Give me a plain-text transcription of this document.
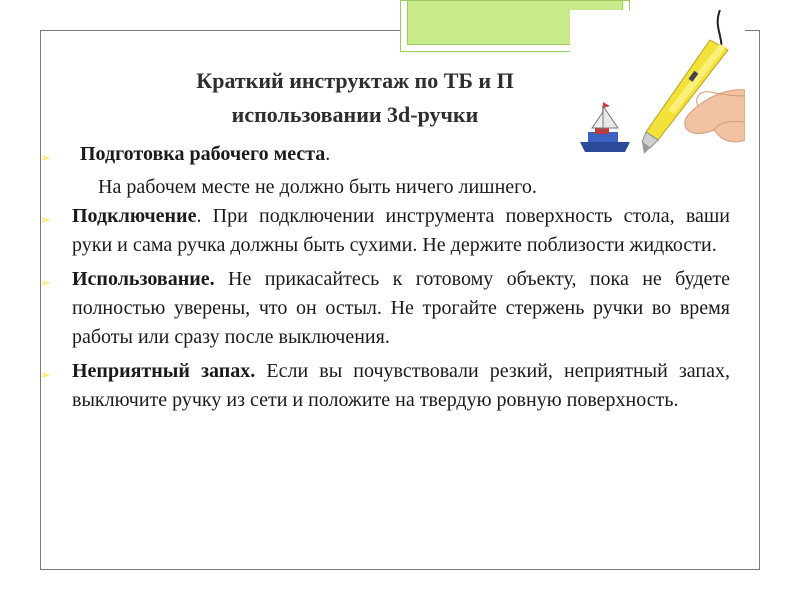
Краткий инструктаж по ТБ и П
использовании 3d-ручки
➢ Подготовка рабочего места.
На рабочем месте не должно быть ничего лишнего.
➢ Подключение. При подключении инструмента поверхность стола, ваши руки и сама ручка должны быть сухими. Не держите поблизости жидкости.
➢ Использование. Не прикасайтесь к готовому объекту, пока не будете полностью уверены, что он остыл. Не трогайте стержень ручки во время работы или сразу после выключения.
➢ Неприятный запах. Если вы почувствовали резкий, неприятный запах, выключите ручку из сети и положите на твердую ровную поверхность.
